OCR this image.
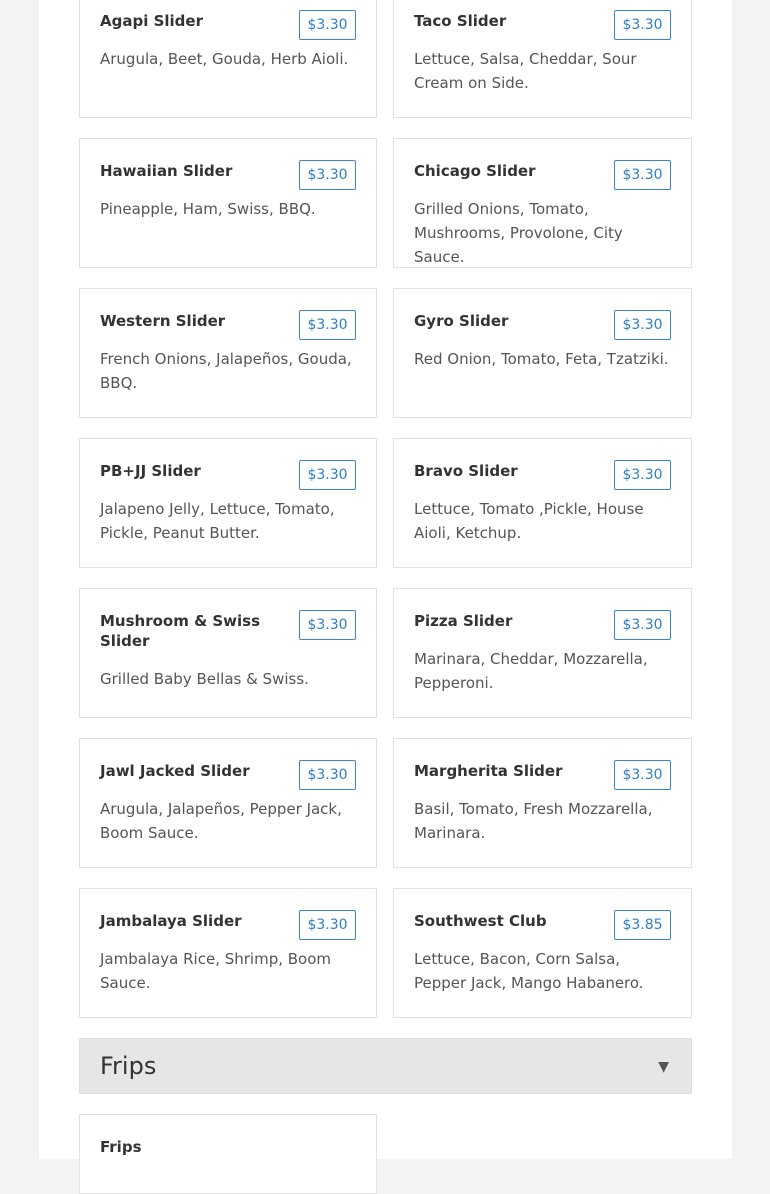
Agapi Slider
Arugula, Beet, Gouda, Herb Aioli.
$3.30	Taco Slider
Lettuce, Salsa, Cheddar, Sour Cream on Side.
$3.30
Hawaiian Slider
Pineapple, Ham, Swiss, BBQ.
$3.30	Chicago Slider
Grilled Onions, Tomato, Mushrooms, Provolone, City Sauce.
$3.30
Western Slider
French Onions, Jalapeños, Gouda, BBQ.
$3.30	Gyro Slider
Red Onion, Tomato, Feta, Tzatziki.
$3.30
PB+JJ Slider
Jalapeno Jelly, Lettuce, Tomato, Pickle, Peanut Butter.
$3.30	Bravo Slider
Lettuce, Tomato ,Pickle, House Aioli, Ketchup.
$3.30
Mushroom & Swiss Slider
Grilled Baby Bellas & Swiss.
$3.30	Pizza Slider
Marinara, Cheddar, Mozzarella, Pepperoni.
$3.30
Jawl Jacked Slider
Arugula, Jalapeños, Pepper Jack, Boom Sauce.
$3.30	Margherita Slider
Basil, Tomato, Fresh Mozzarella, Marinara.
$3.30
Jambalaya Slider
Jambalaya Rice, Shrimp, Boom Sauce.
$3.30	Southwest Club
Lettuce, Bacon, Corn Salsa, Pepper Jack, Mango Habanero.
$3.85
Frips	▼
Frips
